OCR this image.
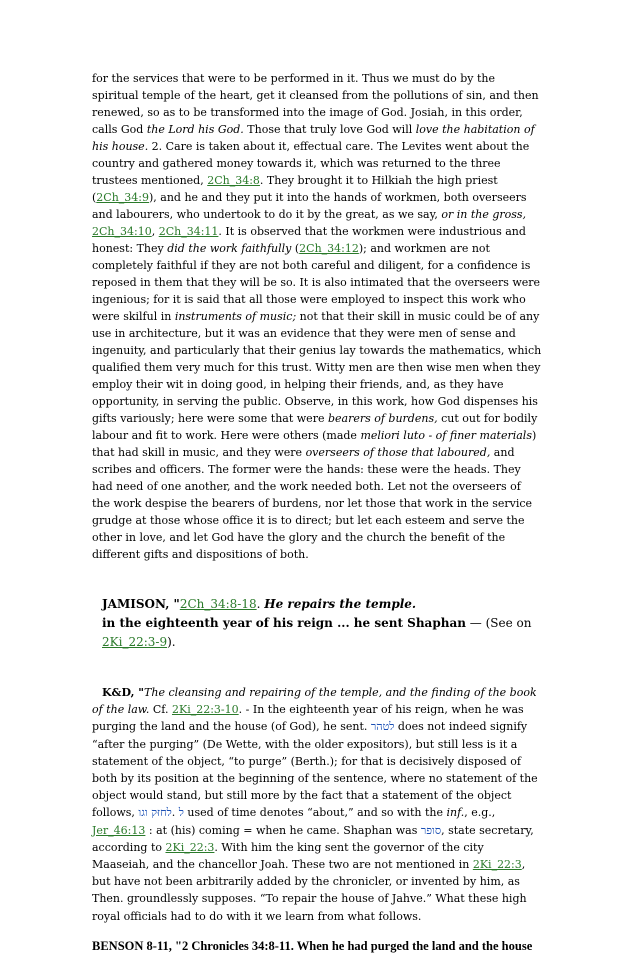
for the services that were to be performed in it. Thus we must do by the spiritual temple of the heart, get it cleansed from the pollutions of sin, and then renewed, so as to be transformed into the image of God. Josiah, in this order, calls God the Lord his God. Those that truly love God will love the habitation of his house. 2. Care is taken about it, effectual care. The Levites went about the country and gathered money towards it, which was returned to the three trustees mentioned, 2Ch_34:8. They brought it to Hilkiah the high priest (2Ch_34:9), and he and they put it into the hands of workmen, both overseers and labourers, who undertook to do it by the great, as we say, or in the gross, 2Ch_34:10, 2Ch_34:11. It is observed that the workmen were industrious and honest: They did the work faithfully (2Ch_34:12); and workmen are not completely faithful if they are not both careful and diligent, for a confidence is reposed in them that they will be so. It is also intimated that the overseers were ingenious; for it is said that all those were employed to inspect this work who were skilful in instruments of music; not that their skill in music could be of any use in architecture, but it was an evidence that they were men of sense and ingenuity, and particularly that their genius lay towards the mathematics, which qualified them very much for this trust. Witty men are then wise men when they employ their wit in doing good, in helping their friends, and, as they have opportunity, in serving the public. Observe, in this work, how God dispenses his gifts variously; here were some that were bearers of burdens, cut out for bodily labour and fit to work. Here were others (made meliori luto - of finer materials) that had skill in music, and they were overseers of those that laboured, and scribes and officers. The former were the hands: these were the heads. They had need of one another, and the work needed both. Let not the overseers of the work despise the bearers of burdens, nor let those that work in the service grudge at those whose office it is to direct; but let each esteem and serve the other in love, and let God have the glory and the church the benefit of the different gifts and dispositions of both.

JAMISON, "2Ch_34:8-18. He repairs the temple.
in the eighteenth year of his reign ... he sent Shaphan — (See on 2Ki_22:3-9).

K&D, "The cleansing and repairing of the temple, and the finding of the book of the law. Cf. 2Ki_22:3-10. - In the eighteenth year of his reign, when he was purging the land and the house (of God), he sent. לטהר does not indeed signify “after the purging” (De Wette, with the older expositors), but still less is it a statement of the object, “to purge” (Berth.); for that is decisively disposed of both by its position at the beginning of the sentence, where no statement of the object would stand, but still more by the fact that a statement of the object follows, לחזּק וגו. ל used of time denotes “about,” and so with the inf., e.g., Jer_46:13 : at (his) coming = when he came. Shaphan was סופר, state secretary, according to 2Ki_22:3. With him the king sent the governor of the city Maaseiah, and the chancellor Joah. These two are not mentioned in 2Ki_22:3, but have not been arbitrarily added by the chronicler, or invented by him, as Then. groundlessly supposes. “To repair the house of Jahve.” What these high royal officials had to do with it we learn from what follows.

BENSON 8-11, "2 Chronicles 34:8-11. When he had purged the land and the house
